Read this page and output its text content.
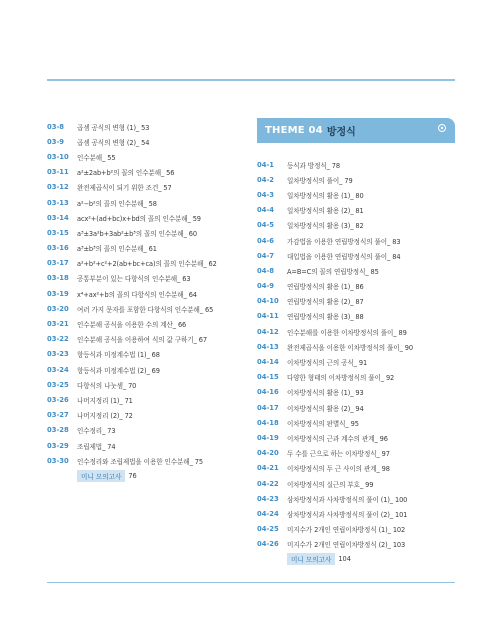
03-8	곱셈 공식의 변형 (1)_ 53
03-9	곱셈 공식의 변형 (2)_ 54
03-10	인수분해_ 55
03-11	a²±2ab+b²의 꼴의 인수분해_ 56
03-12	완전제곱식이 되기 위한 조건_ 57
03-13	a²−b²의 꼴의 인수분해_ 58
03-14	acx²+(ad+bc)x+bd의 꼴의 인수분해_ 59
03-15	a³±3a²b+3ab²±b³의 꼴의 인수분해_ 60
03-16	a³±b³의 꼴의 인수분해_ 61
03-17	a²+b²+c²+2(ab+bc+ca)의 꼴의 인수분해_ 62
03-18	공통부분이 있는 다항식의 인수분해_ 63
03-19	x⁴+ax²+b의 꼴의 다항식의 인수분해_ 64
03-20	여러 가지 문자를 포함한 다항식의 인수분해_ 65
03-21	인수분해 공식을 이용한 수의 계산_ 66
03-22	인수분해 공식을 이용하여 식의 값 구하기_ 67
03-23	항등식과 미정계수법 (1)_ 68
03-24	항등식과 미정계수법 (2)_ 69
03-25	다항식의 나눗셈_ 70
03-26	나머지정리 (1)_ 71
03-27	나머지정리 (2)_ 72
03-28	인수정리_ 73
03-29	조립제법_ 74
03-30	인수정리와 조립제법을 이용한 인수분해_ 75
미니 모의고사	76
THEME 04 방정식
04-1	등식과 방정식_ 78
04-2	일차방정식의 풀이_ 79
04-3	일차방정식의 활용 (1)_ 80
04-4	일차방정식의 활용 (2)_ 81
04-5	일차방정식의 활용 (3)_ 82
04-6	가감법을 이용한 연립방정식의 풀이_ 83
04-7	대입법을 이용한 연립방정식의 풀이_ 84
04-8	A=B=C의 꼴의 연립방정식_ 85
04-9	연립방정식의 활용 (1)_ 86
04-10	연립방정식의 활용 (2)_ 87
04-11	연립방정식의 활용 (3)_ 88
04-12	인수분해를 이용한 이차방정식의 풀이_ 89
04-13	완전제곱식을 이용한 이차방정식의 풀이_ 90
04-14	이차방정식의 근의 공식_ 91
04-15	다양한 형태의 이차방정식의 풀이_ 92
04-16	이차방정식의 활용 (1)_ 93
04-17	이차방정식의 활용 (2)_ 94
04-18	이차방정식의 판별식_ 95
04-19	이차방정식의 근과 계수의 관계_ 96
04-20	두 수를 근으로 하는 이차방정식_ 97
04-21	이차방정식의 두 근 사이의 관계_ 98
04-22	이차방정식의 실근의 부호_ 99
04-23	삼차방정식과 사차방정식의 풀이 (1)_ 100
04-24	삼차방정식과 사차방정식의 풀이 (2)_ 101
04-25	미지수가 2개인 연립이차방정식 (1)_ 102
04-26	미지수가 2개인 연립이차방정식 (2)_ 103
미니 모의고사	104
